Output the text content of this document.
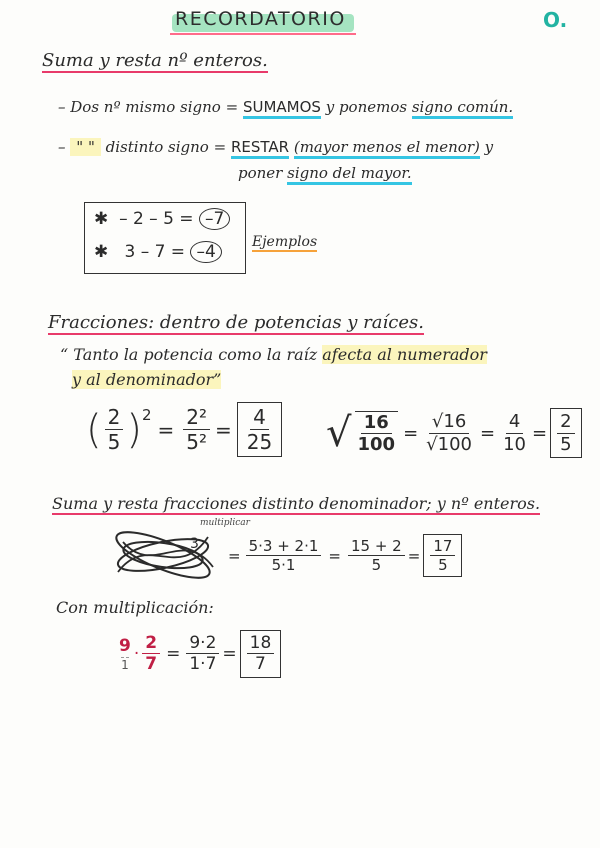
RECORDATORIO	O.
Suma y resta nº enteros.
– Dos nº mismo signo = SUMAMOS y ponemos signo común.
– " " distinto signo = RESTAR (mayor menos el menor) y
poner signo del mayor.
✱ – 2 – 5 = –7
✱ 3 – 7 = –4	Ejemplos
Fracciones: dentro de potencias y raíces.
“ Tanto la potencia como la raíz afecta al numerador
y al denominador”
( $\frac{2}{5} )^2$
= $\frac{\text{2²}}{\text{5²}} = \frac{4}{25}$ √ $\frac{16}{100} = \frac{√16}{√100} = \frac{4}{10} = \frac{2}{5}$
Suma y resta fracciones distinto denominador; y nº enteros.
multiplicar
3
= $\frac{5\cdot 3 + 2\cdot 1}{5\cdot 1} = \frac{15 + 2}{5} = \frac{17}{5}$
Con multiplicación:
$\frac{9}{1} \cdot \frac{2}{7} = \frac{9\cdot 2}{1\cdot 7} = \frac{18}{7}$
